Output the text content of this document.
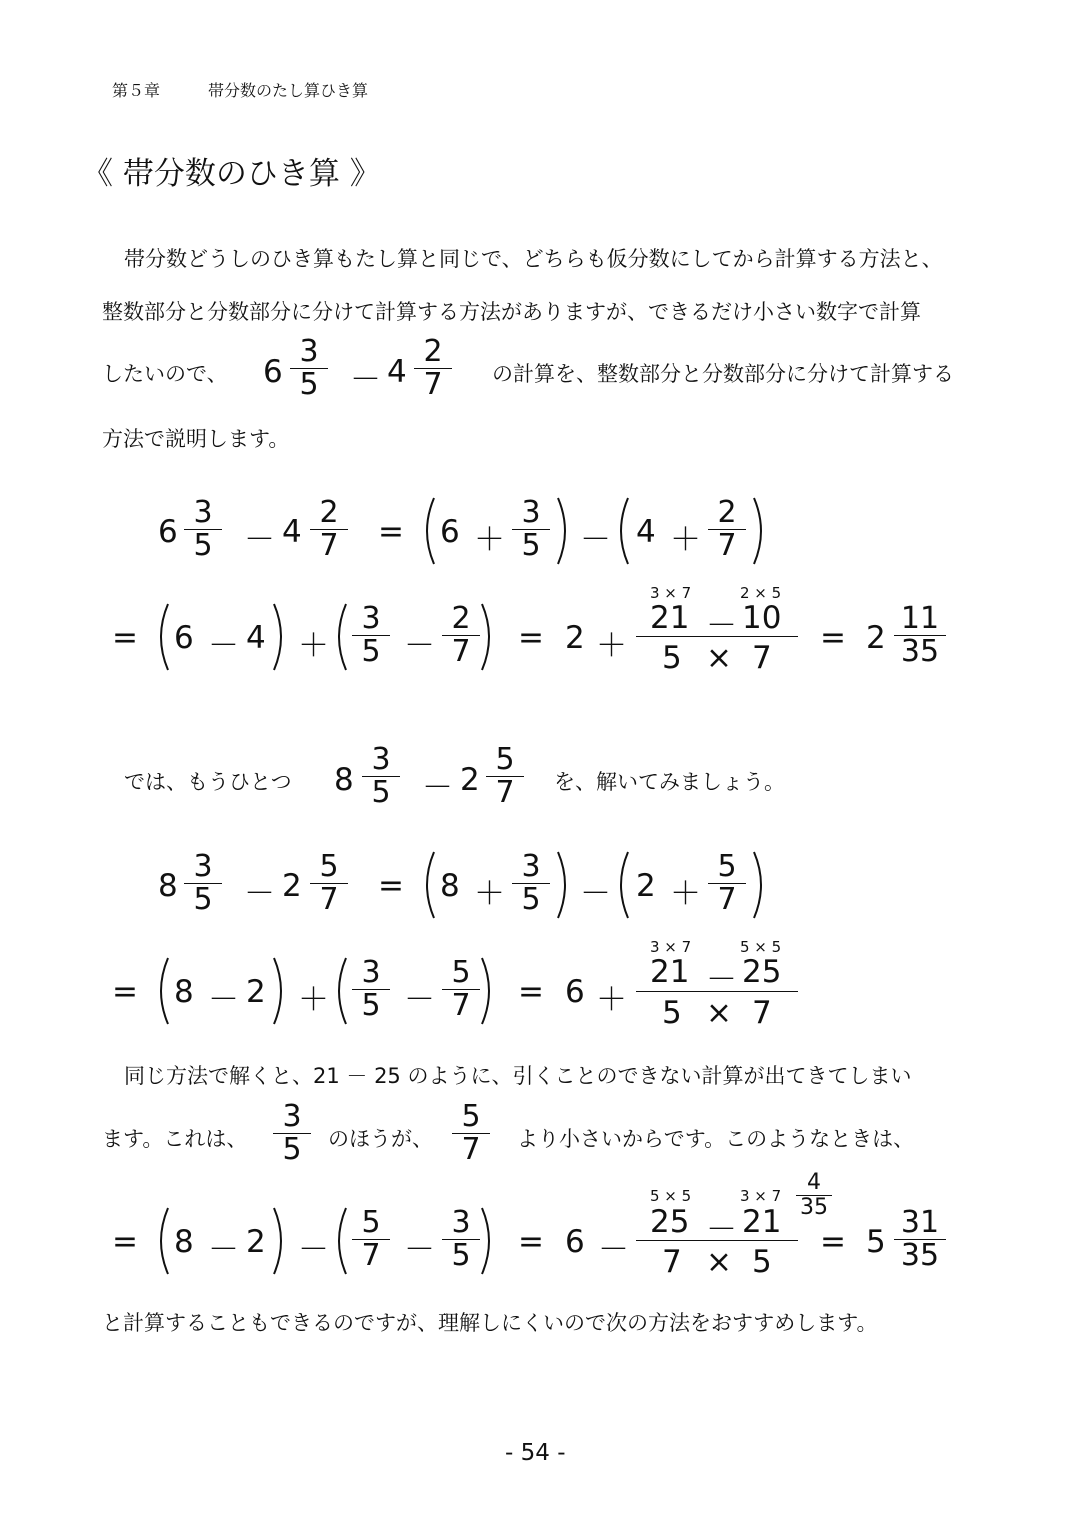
第５章	帯分数のたし算ひき算
《 帯分数のひき算 》
帯分数どうしのひき算もたし算と同じで、どちらも仮分数にしてから計算する方法と、
整数部分と分数部分に分けて計算する方法がありますが、できるだけ小さい数字で計算
したいので、 6
3
5	－ 4
2
7	の計算を、整数部分と分数部分に分けて計算する
方法で説明します。
6
3
5	－ 4
2
7	= 6 ＋
3
5	－ 4 ＋
2
7
3 × 7	2 × 5
= 6 － 4 ＋
3
5 －
2
7	= 2 ＋
21 － 10
5 × 7
= 2
11
35
では、もうひとつ 8
3
5	－ 2
5
7	を、解いてみましょう。
8
3
5	－ 2
5
7	= 8 ＋
3
5	－ 2 ＋
5
7
3 × 7	5 × 5
= 8 － 2 ＋
3
5 －
5
7	= 6 ＋
21 － 25
5 × 7
同じ方法で解くと、21 － 25 のように、引くことのできない計算が出てきてしまい
ます。これは、
3
5	のほうが、
5
7	より小さいからです。このようなときは、
5 × 5	3 × 7
4
35
= 8 － 2 －
5
7 －
3
5	= 6 －
25 － 21
7 × 5
= 5
31
35
と計算することもできるのですが、理解しにくいので次の方法をおすすめします。
- 54 -
